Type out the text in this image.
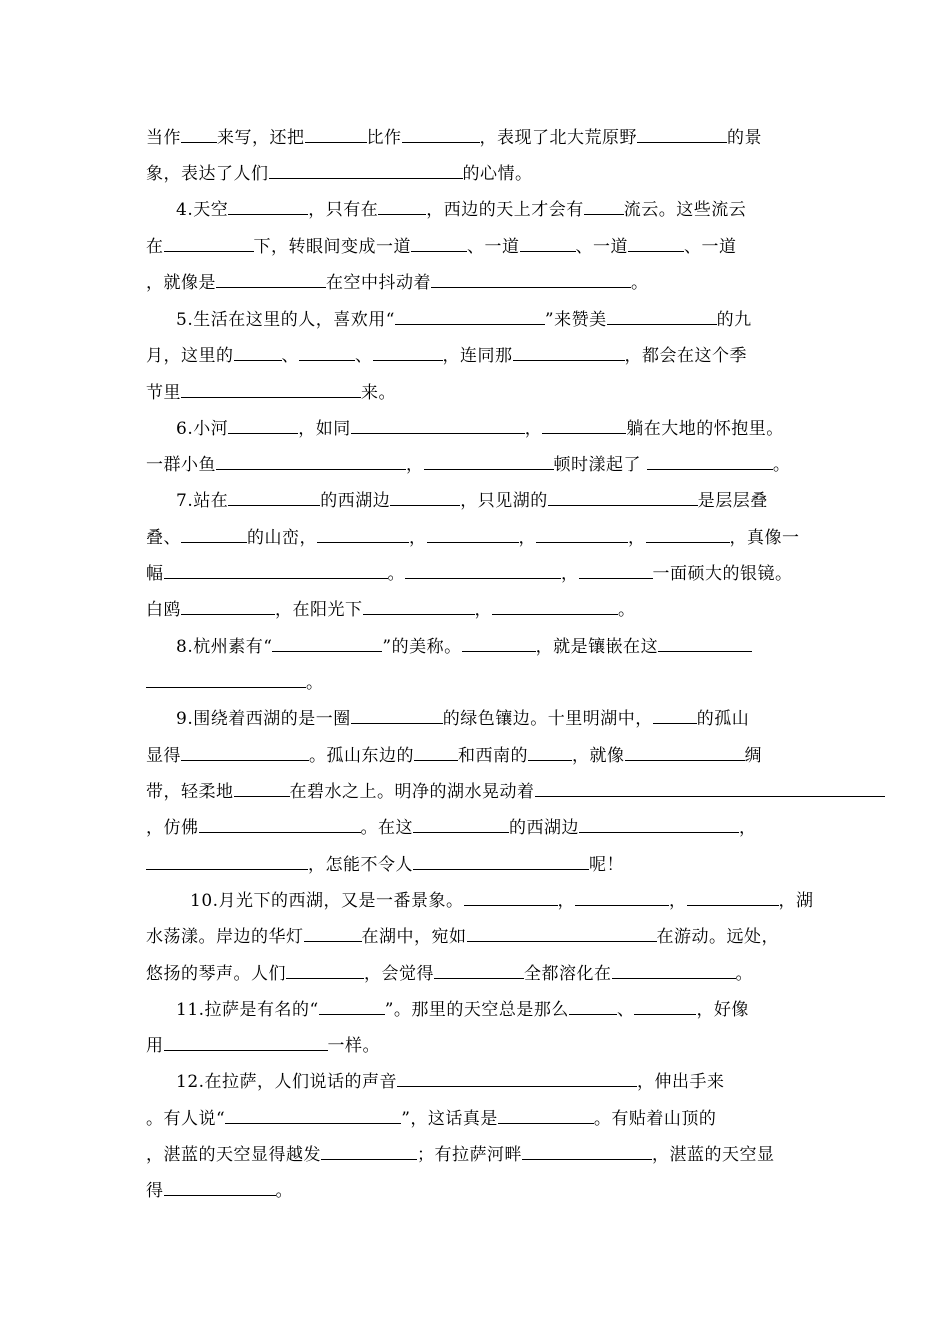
当作 来写，还把	比作	，表现了北大荒原野	的景
象，表达了人们	的心情。
4.天空	，只有在	，西边的天上才会有 流云。这些流云
在	下，转眼间变成一道	、一道	、一道	、一道
，就像是	在空中抖动着	。
5.生活在这里的人，喜欢用“	”来赞美	的九
月，这里的	、	、	，连同那	，都会在这个季
节里	来。
6.小河	，如同	，	躺在大地的怀抱里。
一群小鱼	，	顿时漾起了	。
7.站在	的西湖边	，只见湖的	是层层叠
叠、	的山峦，	，	，	，	，真像一
幅	。	，	一面硕大的银镜。
白鸥	，在阳光下	，	。
8.杭州素有“	”的美称。	，就是镶嵌在这
。
9.围绕着西湖的是一圈	的绿色镶边。十里明湖中，	的孤山
显得	。孤山东边的	和西南的	，就像	绸
带，轻柔地	在碧水之上。明净的湖水晃动着
，仿佛	。在这	的西湖边	，
，怎能不令人	呢！
10.月光下的西湖，又是一番景象。	，	，	，湖
水荡漾。岸边的华灯	在湖中，宛如	在游动。远处，
悠扬的琴声。人们	，会觉得	全都溶化在	。
11.拉萨是有名的“	”。那里的天空总是那么	、	，好像
用	一样。
12.在拉萨，人们说话的声音	，伸出手来
。有人说“	”，这话真是	。有贴着山顶的
，湛蓝的天空显得越发	；有拉萨河畔	，湛蓝的天空显
得	。
